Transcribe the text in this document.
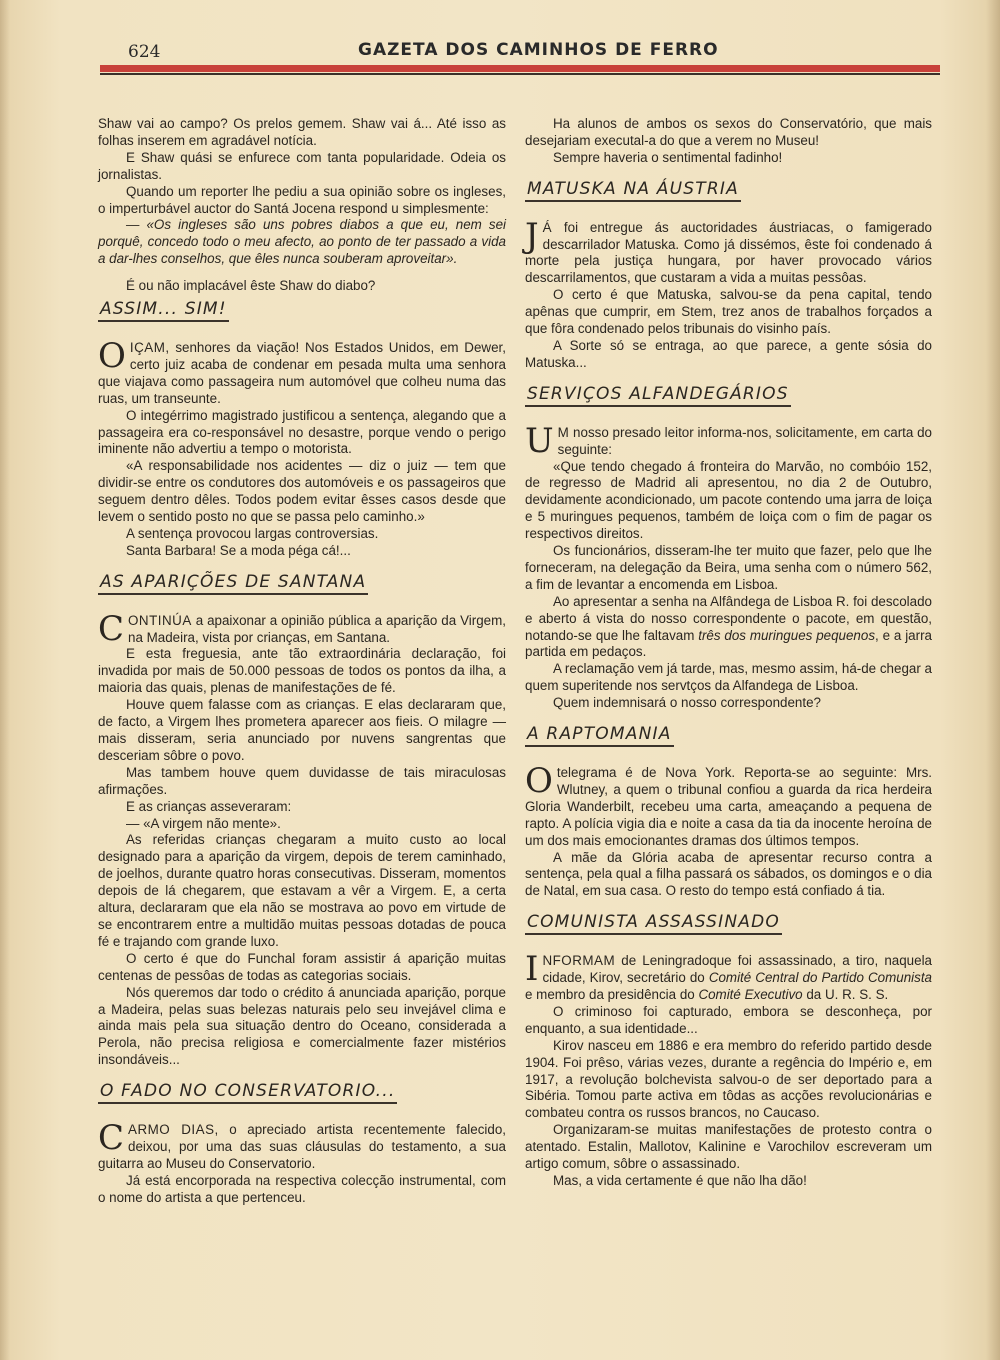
624	GAZETA DOS CAMINHOS DE FERRO

Shaw vai ao campo? Os prelos gemem. Shaw vai á... Até isso as folhas inserem em agradável notícia.

E Shaw quási se enfurece com tanta popularidade. Odeia os jornalistas.

Quando um reporter lhe pediu a sua opinião sobre os ingleses, o imperturbável auctor do Santá Jocena respond u simplesmente:

— «Os ingleses são uns pobres diabos a que eu, nem sei porquê, concedo todo o meu afecto, ao ponto de ter passado a vida a dar-lhes conselhos, que êles nunca souberam aproveitar».

É ou não implacável êste Shaw do diabo?

ASSIM... SIM!

OIÇAM, senhores da viação! Nos Estados Unidos, em Dewer, certo juiz acaba de condenar em pesada multa uma senhora que viajava como passageira num automóvel que colheu numa das ruas, um transeunte.

O integérrimo magistrado justificou a sentença, alegando que a passageira era co-responsável no desastre, porque vendo o perigo iminente não advertiu a tempo o motorista.

«A responsabilidade nos acidentes — diz o juiz — tem que dividir-se entre os condutores dos automóveis e os passageiros que seguem dentro dêles. Todos podem evitar êsses casos desde que levem o sentido posto no que se passa pelo caminho.»

A sentença provocou largas controversias.

Santa Barbara! Se a moda péga cá!...

AS APARIÇÕES DE SANTANA

CONTINÚA a apaixonar a opinião pública a aparição da Virgem, na Madeira, vista por crianças, em Santana.

E esta freguesia, ante tão extraordinária declaração, foi invadida por mais de 50.000 pessoas de todos os pontos da ilha, a maioria das quais, plenas de manifestações de fé.

Houve quem falasse com as crianças. E elas declararam que, de facto, a Virgem lhes prometera aparecer aos fieis. O milagre — mais disseram, seria anunciado por nuvens sangrentas que desceriam sôbre o povo.

Mas tambem houve quem duvidasse de tais miraculosas afirmações.

E as crianças asseveraram:

— «A virgem não mente».

As referidas crianças chegaram a muito custo ao local designado para a aparição da virgem, depois de terem caminhado, de joelhos, durante quatro horas consecutivas. Disseram, momentos depois de lá chegarem, que estavam a vêr a Virgem. E, a certa altura, declararam que ela não se mostrava ao povo em virtude de se encontrarem entre a multidão muitas pessoas dotadas de pouca fé e trajando com grande luxo.

O certo é que do Funchal foram assistir á aparição muitas centenas de pessôas de todas as categorias sociais.

Nós queremos dar todo o crédito á anunciada aparição, porque a Madeira, pelas suas belezas naturais pelo seu invejável clima e ainda mais pela sua situação dentro do Oceano, considerada a Perola, não precisa religiosa e comercialmente fazer mistérios insondáveis...

O FADO NO CONSERVATORIO...

CARMO DIAS, o apreciado artista recentemente falecido, deixou, por uma das suas cláusulas do testamento, a sua guitarra ao Museu do Conservatorio.

Já está encorporada na respectiva colecção instrumental, com o nome do artista a que pertenceu.

Ha alunos de ambos os sexos do Conservatório, que mais desejariam executal-a do que a verem no Museu!

Sempre haveria o sentimental fadinho!

MATUSKA NA ÁUSTRIA

J Á foi entregue ás auctoridades áustriacas, o famigerado descarrilador Matuska. Como já dissémos, êste foi condenado á morte pela justiça hungara, por haver provocado vários descarrilamentos, que custaram a vida a muitas pessôas.

O certo é que Matuska, salvou-se da pena capital, tendo apênas que cumprir, em Stem, trez anos de trabalhos forçados a que fôra condenado pelos tribunais do visinho país.

A Sorte só se entraga, ao que parece, a gente sósia do Matuska...

SERVIÇOS ALFANDEGÁRIOS

U M nosso presado leitor informa-nos, solicitamente, em carta do seguinte:

«Que tendo chegado á fronteira do Marvão, no combóio 152, de regresso de Madrid ali apresentou, no dia 2 de Outubro, devidamente acondicionado, um pacote contendo uma jarra de loiça e 5 muringues pequenos, também de loiça com o fim de pagar os respectivos direitos.

Os funcionários, disseram-lhe ter muito que fazer, pelo que lhe forneceram, na delegação da Beira, uma senha com o número 562, a fim de levantar a encomenda em Lisboa.

Ao apresentar a senha na Alfândega de Lisboa R. foi descolado e aberto á vista do nosso correspondente o pacote, em questão, notando-se que lhe faltavam três dos muringues pequenos, e a jarra partida em pedaços.

A reclamação vem já tarde, mas, mesmo assim, há-de chegar a quem superitende nos servtços da Alfandega de Lisboa.

Quem indemnisará o nosso correspondente?

A RAPTOMANIA

O telegrama é de Nova York. Reporta-se ao seguinte: Mrs. Wlutney, a quem o tribunal confiou a guarda da rica herdeira Gloria Wanderbilt, recebeu uma carta, ameaçando a pequena de rapto. A polícia vigia dia e noite a casa da tia da inocente heroína de um dos mais emocionantes dramas dos últimos tempos.

A mãe da Glória acaba de apresentar recurso contra a sentença, pela qual a filha passará os sábados, os domingos e o dia de Natal, em sua casa. O resto do tempo está confiado á tia.

COMUNISTA ASSASSINADO

INFORMAM de Leningradoque foi assassinado, a tiro, naquela cidade, Kirov, secretário do Comité Central do Partido Comunista e membro da presidência do Comité Executivo da U. R. S. S.

O criminoso foi capturado, embora se desconheça, por enquanto, a sua identidade...

Kirov nasceu em 1886 e era membro do referido partido desde 1904. Foi prêso, várias vezes, durante a regência do Império e, em 1917, a revolução bolchevista salvou-o de ser deportado para a Sibéria. Tomou parte activa em tôdas as acções revolucionárias e combateu contra os russos brancos, no Caucaso.

Organizaram-se muitas manifestações de protesto contra o atentado. Estalin, Mallotov, Kalinine e Varochilov escreveram um artigo comum, sôbre o assassinado.

Mas, a vida certamente é que não lha dão!
